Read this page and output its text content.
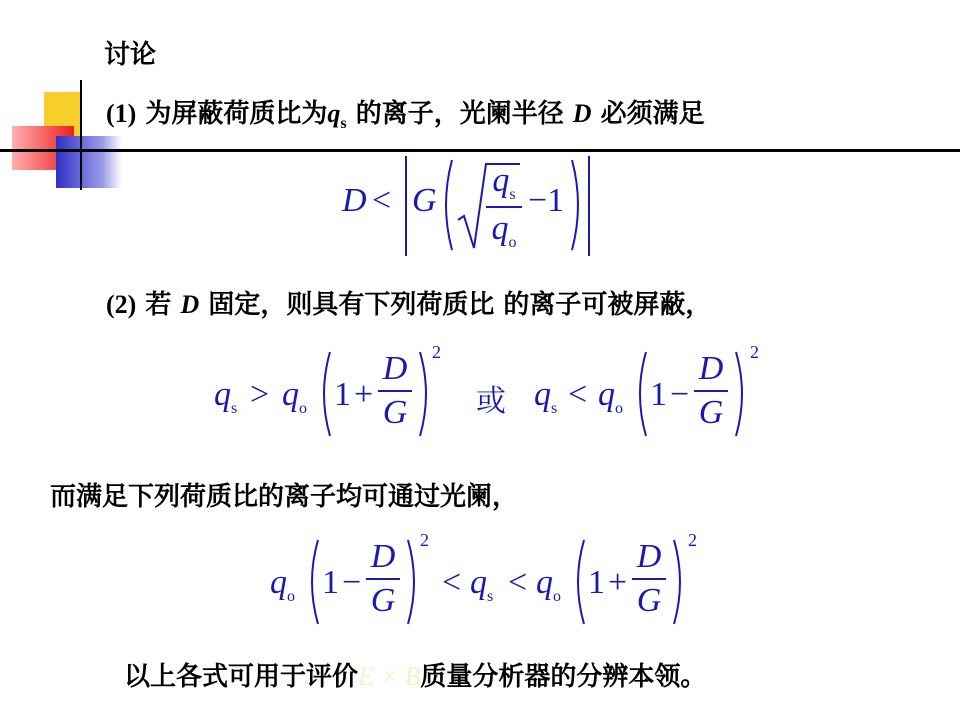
讨论
(1) 为屏蔽荷质比为$q_s$ 的离子，光阑半径 D 必须满足
D < G
$q_s$
$q_o$
−1
(2) 若 D 固定，则具有下列荷质比 的离子可被屏蔽，
$q_s > q_o$ 1 +
D
G
2
或 $q_s < q_o$ 1 −
D
G
2
而满足下列荷质比的离子均可通过光阑，
$q_o$ 1 −
D
G
2
< $q_s < q_o$ 1 +
D
G
2
以上各式可用于评价E × B质量分析器的分辨本领。
